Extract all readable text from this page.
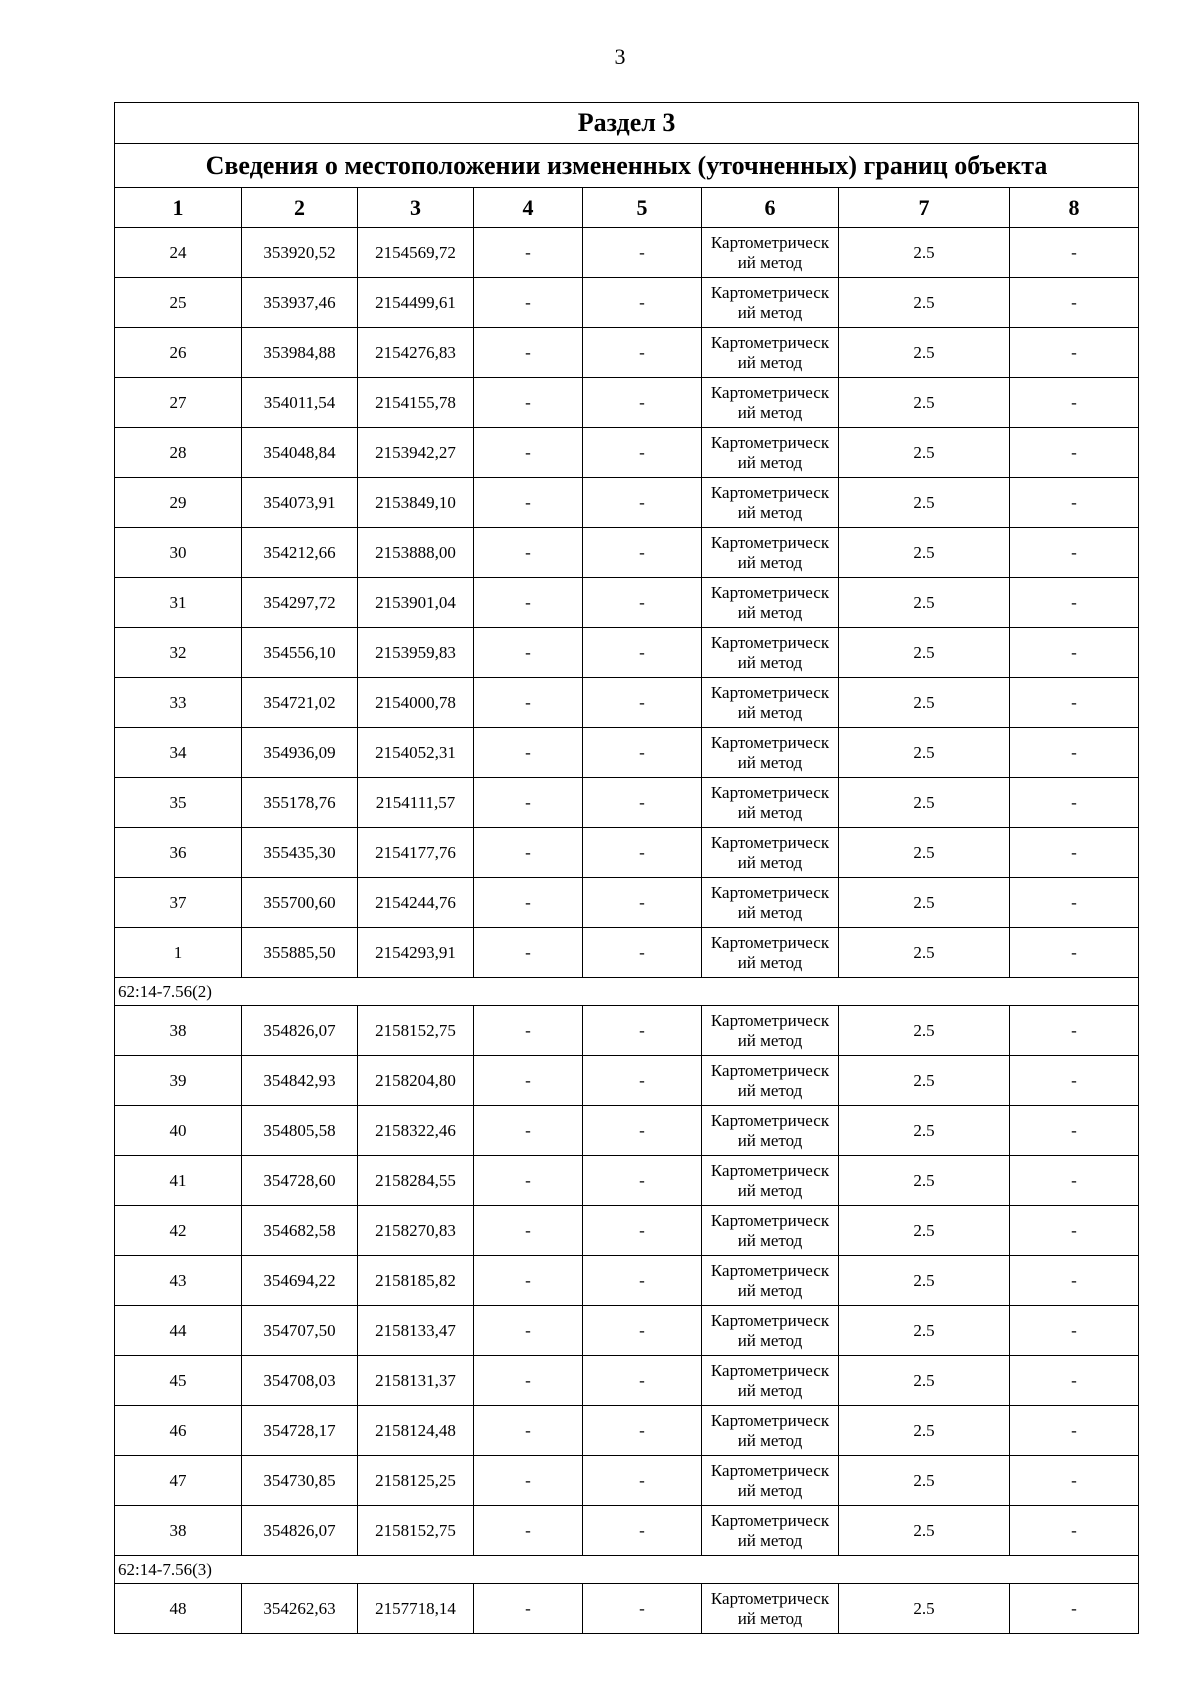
3
Раздел 3							
Сведения о местоположении измененных (уточненных) границ объекта							
1	2	3	4	5	6	7	8
24	353920,52	2154569,72	-	-	Картометрическ ий метод	2.5	-
25	353937,46	2154499,61	-	-	Картометрическ ий метод	2.5	-
26	353984,88	2154276,83	-	-	Картометрическ ий метод	2.5	-
27	354011,54	2154155,78	-	-	Картометрическ ий метод	2.5	-
28	354048,84	2153942,27	-	-	Картометрическ ий метод	2.5	-
29	354073,91	2153849,10	-	-	Картометрическ ий метод	2.5	-
30	354212,66	2153888,00	-	-	Картометрическ ий метод	2.5	-
31	354297,72	2153901,04	-	-	Картометрическ ий метод	2.5	-
32	354556,10	2153959,83	-	-	Картометрическ ий метод	2.5	-
33	354721,02	2154000,78	-	-	Картометрическ ий метод	2.5	-
34	354936,09	2154052,31	-	-	Картометрическ ий метод	2.5	-
35	355178,76	2154111,57	-	-	Картометрическ ий метод	2.5	-
36	355435,30	2154177,76	-	-	Картометрическ ий метод	2.5	-
37	355700,60	2154244,76	-	-	Картометрическ ий метод	2.5	-
1	355885,50	2154293,91	-	-	Картометрическ ий метод	2.5	-
62:14-7.56(2)							
38	354826,07	2158152,75	-	-	Картометрическ ий метод	2.5	-
39	354842,93	2158204,80	-	-	Картометрическ ий метод	2.5	-
40	354805,58	2158322,46	-	-	Картометрическ ий метод	2.5	-
41	354728,60	2158284,55	-	-	Картометрическ ий метод	2.5	-
42	354682,58	2158270,83	-	-	Картометрическ ий метод	2.5	-
43	354694,22	2158185,82	-	-	Картометрическ ий метод	2.5	-
44	354707,50	2158133,47	-	-	Картометрическ ий метод	2.5	-
45	354708,03	2158131,37	-	-	Картометрическ ий метод	2.5	-
46	354728,17	2158124,48	-	-	Картометрическ ий метод	2.5	-
47	354730,85	2158125,25	-	-	Картометрическ ий метод	2.5	-
38	354826,07	2158152,75	-	-	Картометрическ ий метод	2.5	-
62:14-7.56(3)							
48	354262,63	2157718,14	-	-	Картометрическ ий метод	2.5	-
